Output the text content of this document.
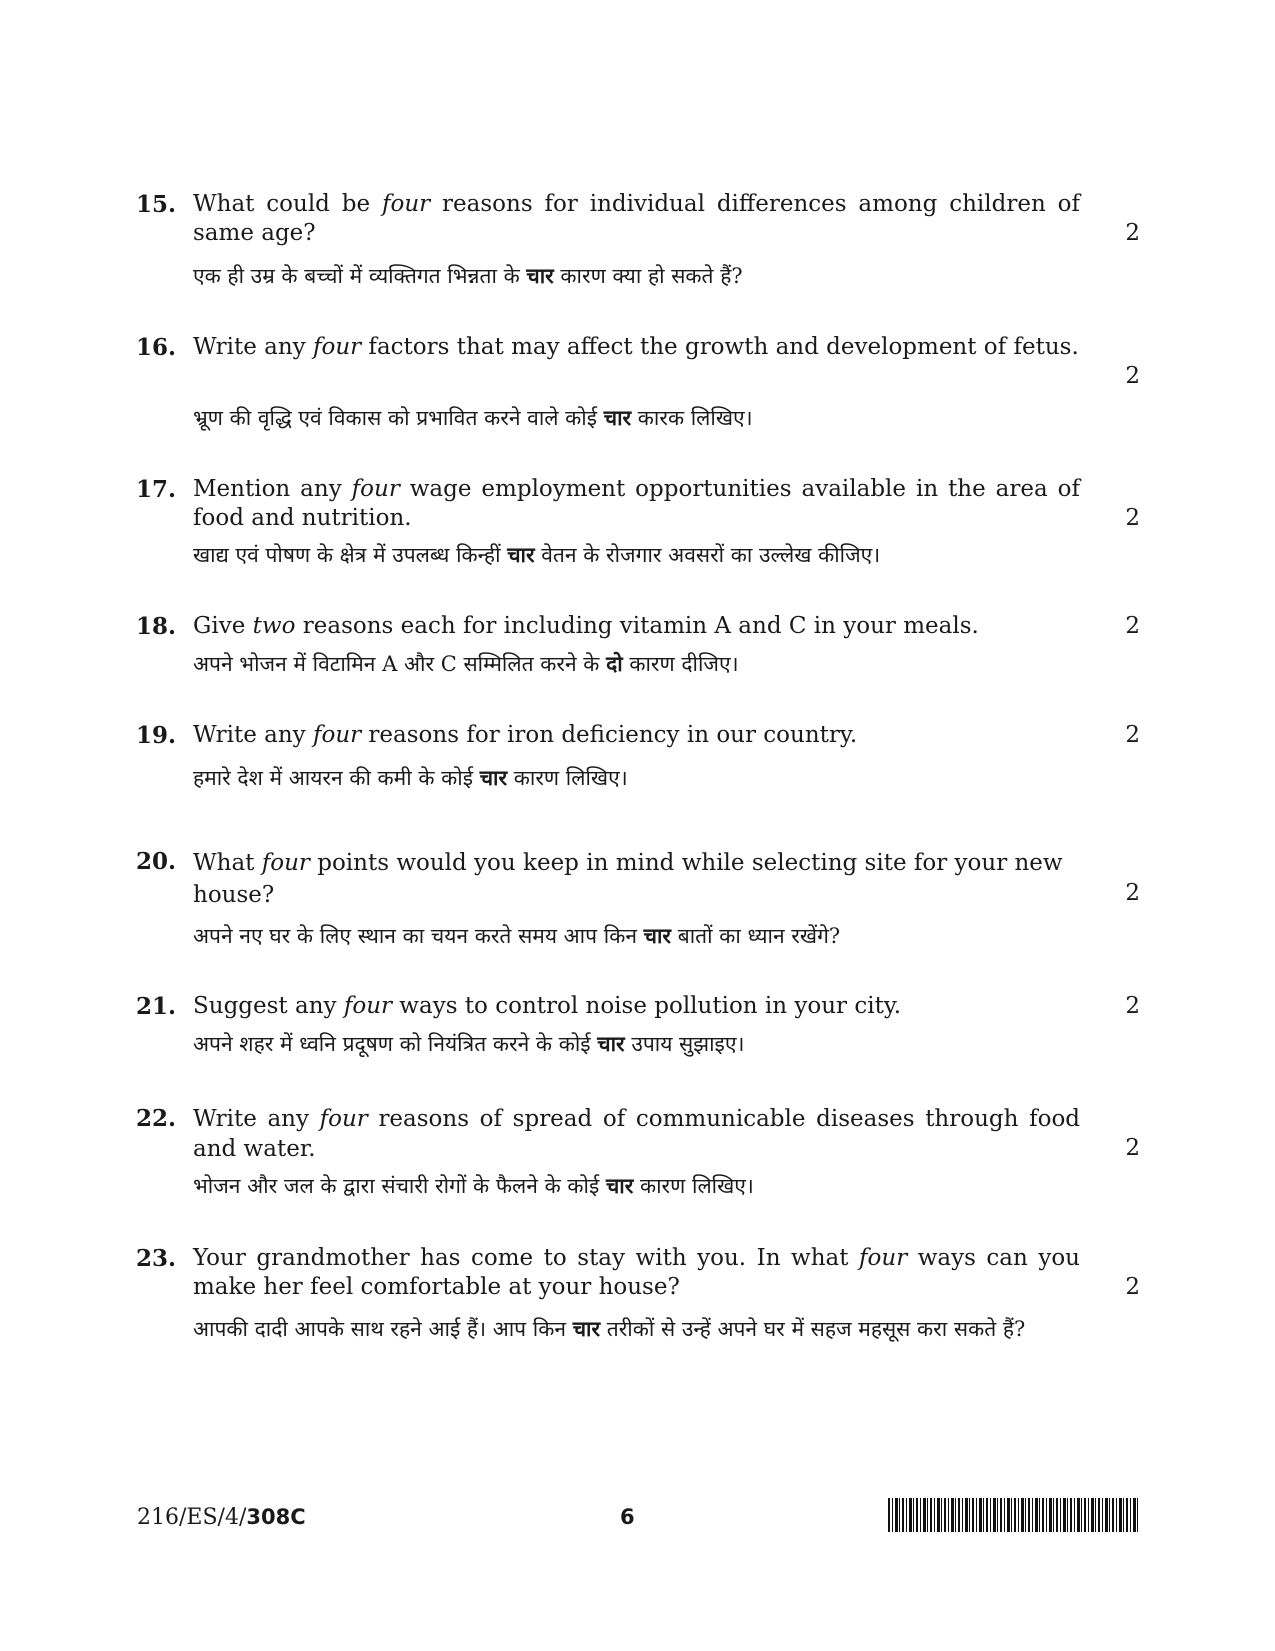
15. What could be four reasons for individual differences among children of same age?	2
एक ही उम्र के बच्चों में व्यक्तिगत भिन्नता के चार कारण क्या हो सकते हैं?
16. Write any four factors that may affect the growth and development of fetus.
2
भ्रूण की वृद्धि एवं विकास को प्रभावित करने वाले कोई चार कारक लिखिए।
17. Mention any four wage employment opportunities available in the area of food and nutrition.	2
खाद्य एवं पोषण के क्षेत्र में उपलब्ध किन्हीं चार वेतन के रोजगार अवसरों का उल्लेख कीजिए।
18. Give two reasons each for including vitamin A and C in your meals.	2
अपने भोजन में विटामिन A और C सम्मिलित करने के दो कारण दीजिए।
19. Write any four reasons for iron deficiency in our country.	2
हमारे देश में आयरन की कमी के कोई चार कारण लिखिए।
20. What four points would you keep in mind while selecting site for your new house?	2
अपने नए घर के लिए स्थान का चयन करते समय आप किन चार बातों का ध्यान रखेंगे?
21. Suggest any four ways to control noise pollution in your city.	2
अपने शहर में ध्वनि प्रदूषण को नियंत्रित करने के कोई चार उपाय सुझाइए।
22. Write any four reasons of spread of communicable diseases through food and water.	2
भोजन और जल के द्वारा संचारी रोगों के फैलने के कोई चार कारण लिखिए।
23. Your grandmother has come to stay with you. In what four ways can you make her feel comfortable at your house?	2
आपकी दादी आपके साथ रहने आई हैं। आप किन चार तरीकों से उन्हें अपने घर में सहज महसूस करा सकते हैं?
216/ES/4/308C	6
